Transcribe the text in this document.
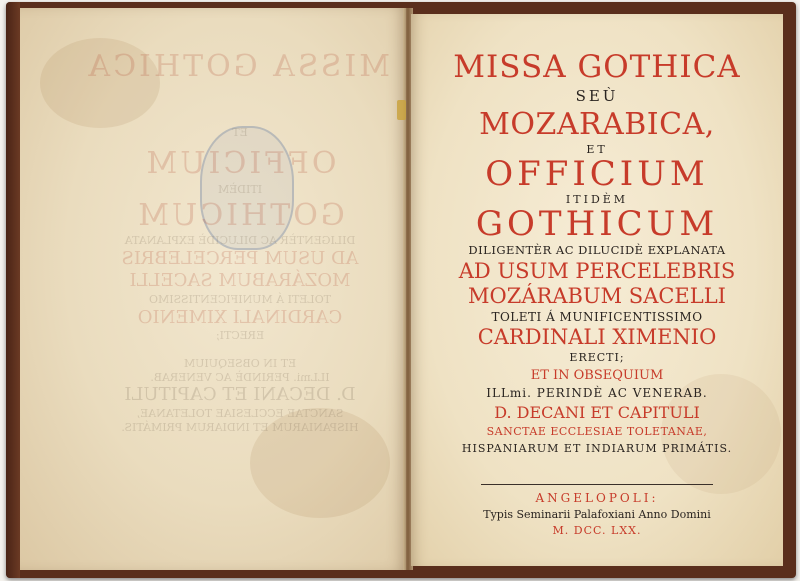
MISSA GOTHICA
ET
OFFICIUM
ITIDÈM
GOTHICUM
DILIGENTÈR AC DILUCIDÈ EXPLANATA
AD USUM PERCELEBRIS
MOZÁRABUM SACELLI
TOLETI Á MUNIFICENTISSIMO
CARDINALI XIMENIO
ERECTI;
ET IN OBSEQUIUM
ILLmi. PERINDÈ AC VENERAB.
D. DECANI ET CAPITULI
SANCTAE ECCLESIAE TOLETANAE,
HISPANIARUM ET INDIARUM PRIMÁTIS.
MISSA GOTHICA
SEÙ
MOZARABICA,
ET
OFFICIUM
ITIDÈM
GOTHICUM
DILIGENTÈR AC DILUCIDÈ EXPLANATA
AD USUM PERCELEBRIS
MOZÁRABUM SACELLI
TOLETI Á MUNIFICENTISSIMO
CARDINALI XIMENIO
ERECTI;
ET IN OBSEQUIUM
ILLmi. PERINDÈ AC VENERAB.
D. DECANI ET CAPITULI
SANCTAE ECCLESIAE TOLETANAE,
HISPANIARUM ET INDIARUM PRIMÁTIS.
ANGELOPOLI:
Typis Seminarii Palafoxiani Anno Domini
M. DCC. LXX.
